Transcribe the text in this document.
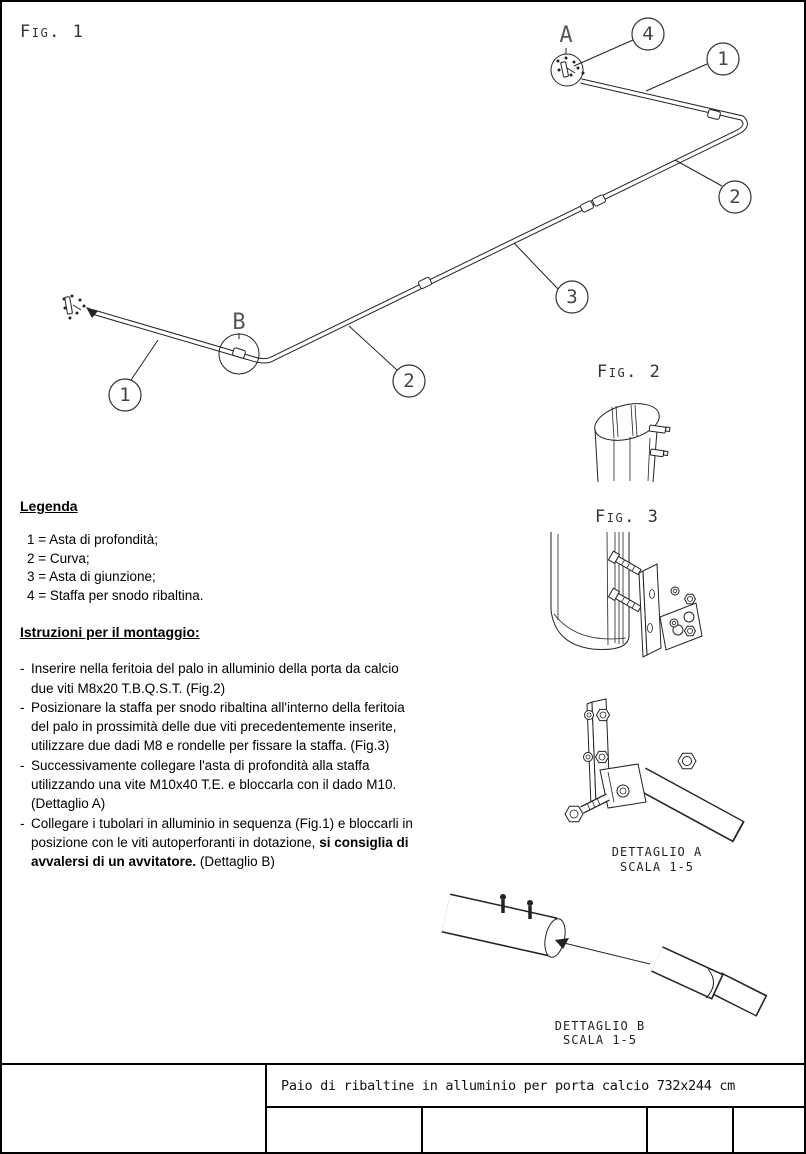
A
B
4
1
2
3
2
1
Fig. 1
Fig. 2
Fig. 3
DETTAGLIO A
SCALA 1-5
DETTAGLIO B
SCALA 1-5
Legenda
1 = Asta di profondità;
2 = Curva;
3 = Asta di giunzione;
4 = Staffa per snodo ribaltina.
Istruzioni per il montaggio:
- Inserire nella feritoia del palo in alluminio della porta da calcio due viti M8x20 T.B.Q.S.T. (Fig.2)
- Posizionare la staffa per snodo ribaltina all'interno della feritoia del palo in prossimità delle due viti precedentemente inserite, utilizzare due dadi M8 e rondelle per fissare la staffa. (Fig.3)
- Successivamente collegare l'asta di profondità alla staffa utilizzando una vite M10x40 T.E. e bloccarla con il dado M10. (Dettaglio A)
- Collegare i tubolari in alluminio in sequenza (Fig.1) e bloccarli in posizione con le viti autoperforanti in dotazione, si consiglia di avvalersi di un avvitatore. (Dettaglio B)
Paio di ribaltine in alluminio per porta calcio 732x244 cm
